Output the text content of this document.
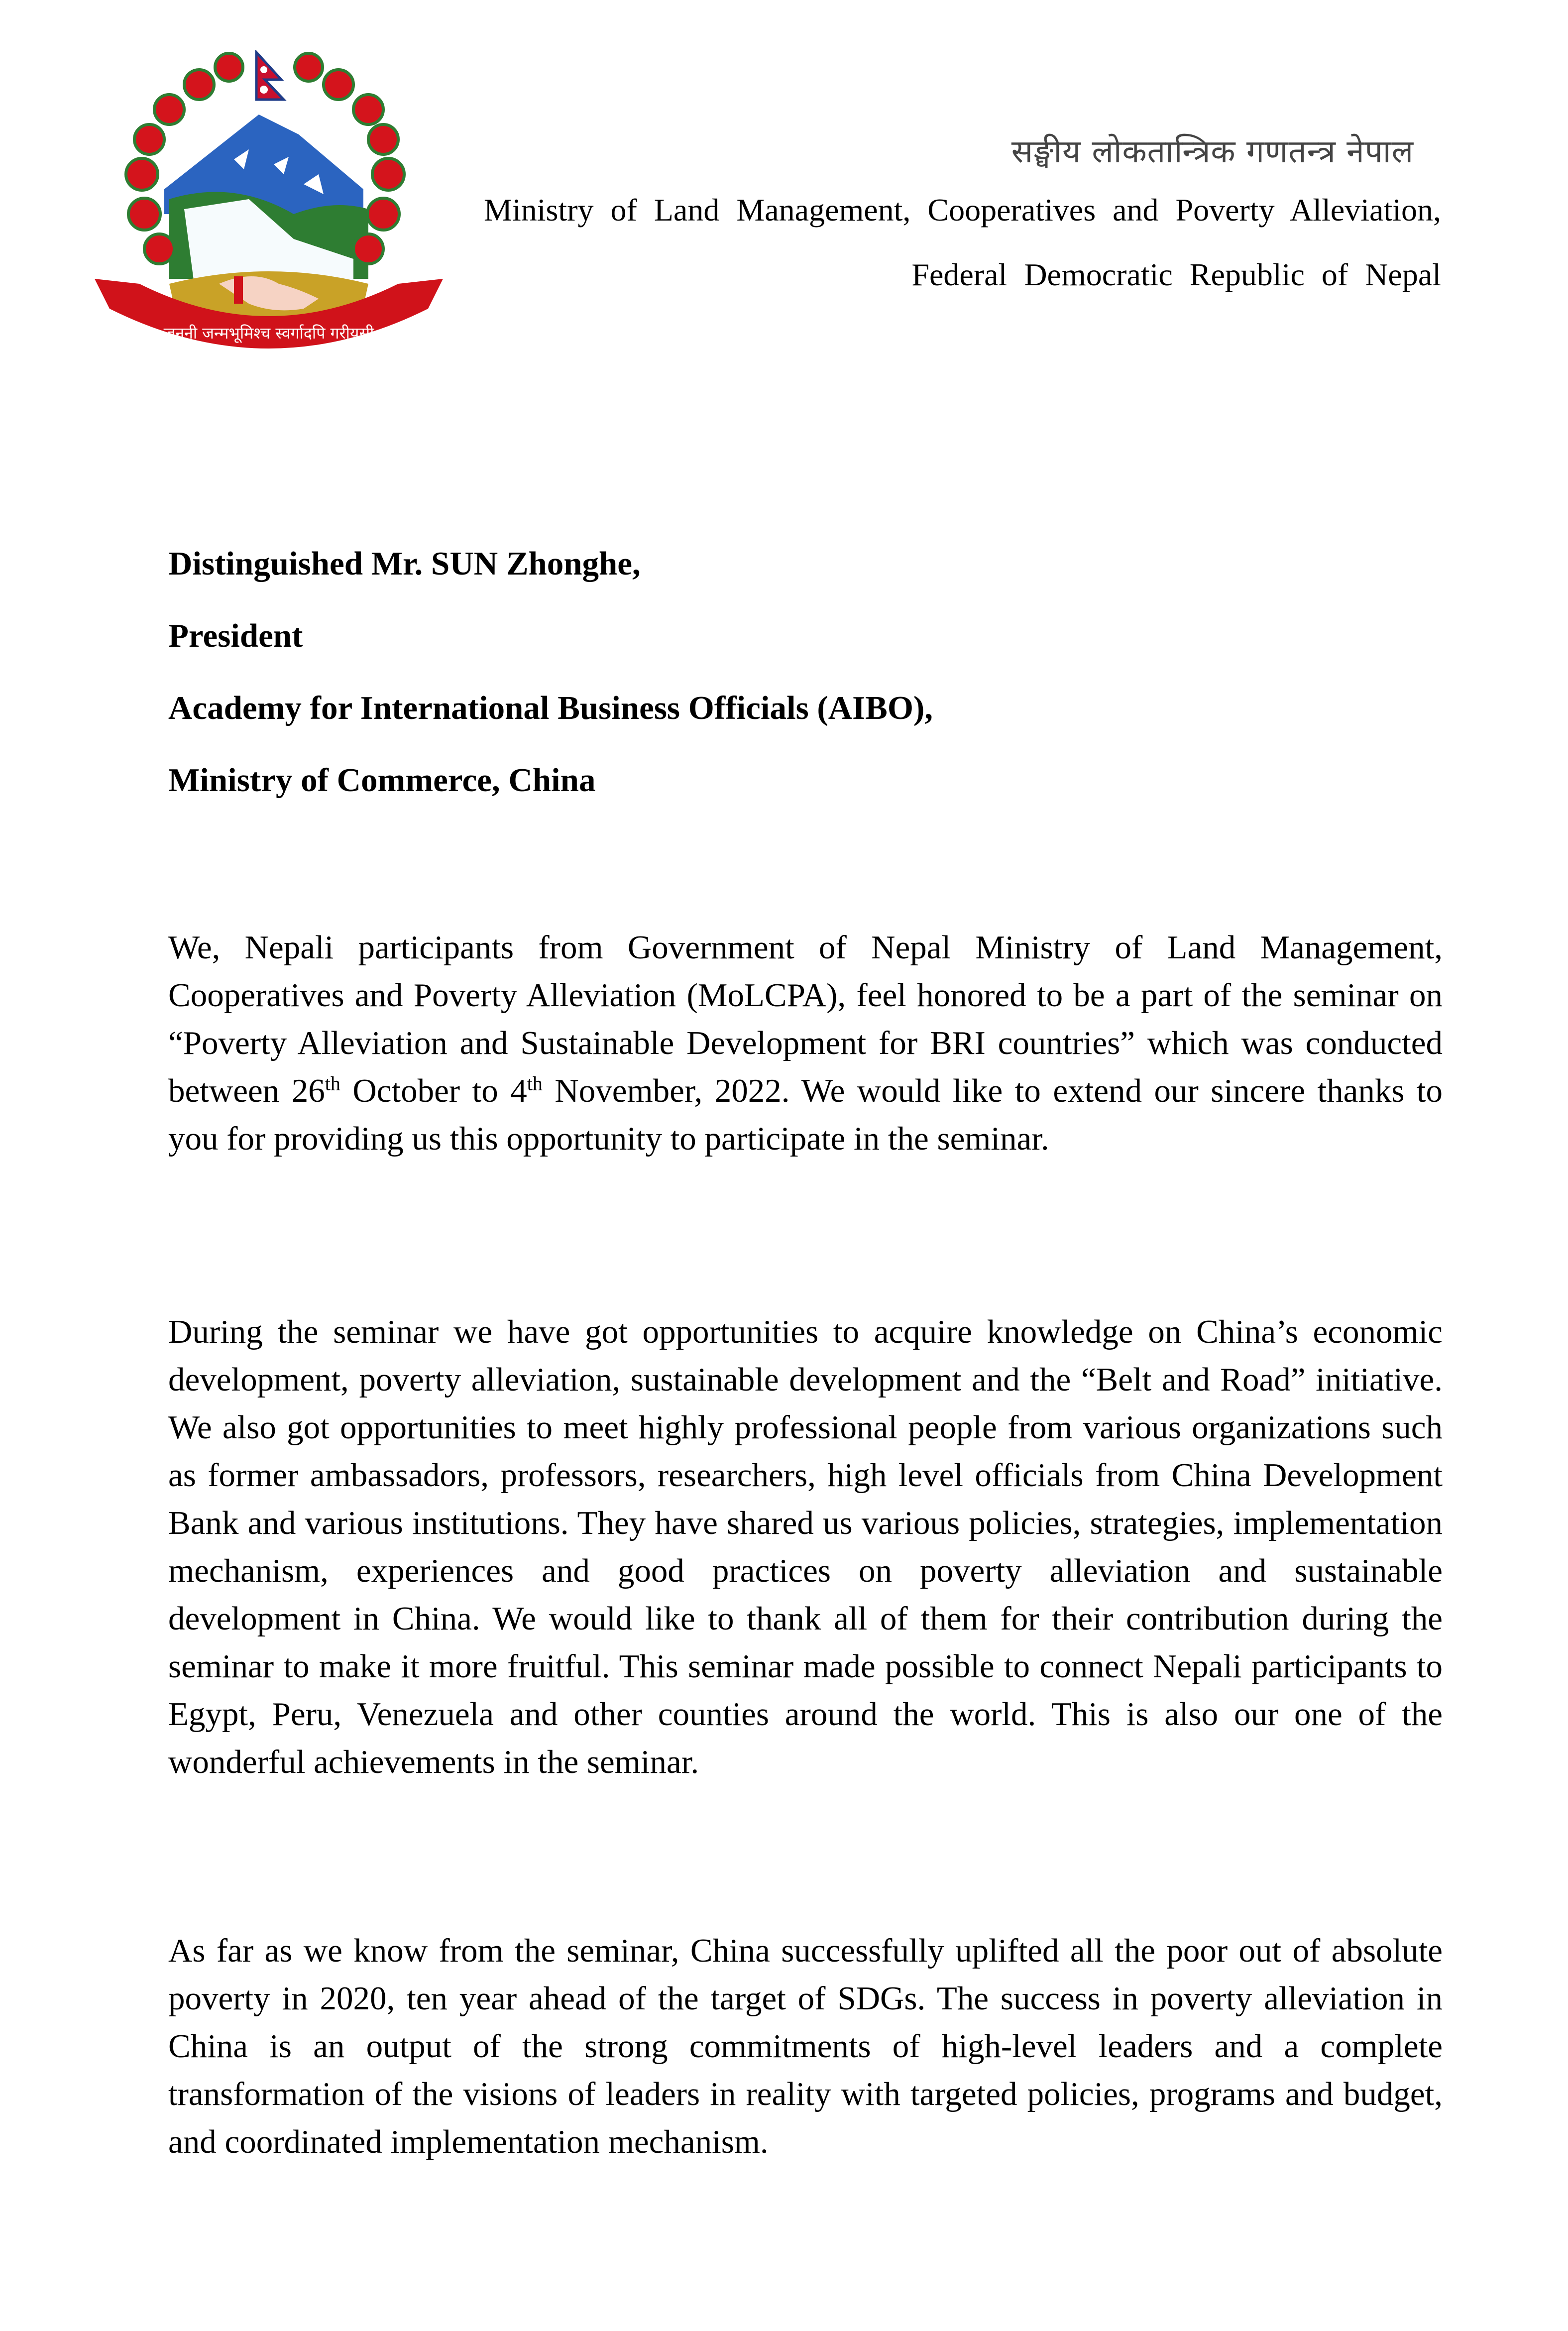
जननी जन्मभूमिश्च स्वर्गादपि गरीयसी
सङ्घीय लोकतान्त्रिक गणतन्त्र नेपाल
Ministry of Land Management, Cooperatives and Poverty Alleviation,
Federal Democratic Republic of Nepal
Distinguished Mr. SUN Zhonghe,
President
Academy for International Business Officials (AIBO),
Ministry of Commerce, China
We, Nepali participants from Government of Nepal Ministry of Land Management, Cooperatives and Poverty Alleviation (MoLCPA), feel honored to be a part of the seminar on “Poverty Alleviation and Sustainable Development for BRI countries” which was conducted between 26th October to 4th November, 2022. We would like to extend our sincere thanks to you for providing us this opportunity to participate in the seminar.
During the seminar we have got opportunities to acquire knowledge on China’s economic development, poverty alleviation, sustainable development and the “Belt and Road” initiative. We also got opportunities to meet highly professional people from various organizations such as former ambassadors, professors, researchers, high level officials from China Development Bank and various institutions. They have shared us various policies, strategies, implementation mechanism, experiences and good practices on poverty alleviation and sustainable development in China. We would like to thank all of them for their contribution during the seminar to make it more fruitful. This seminar made possible to connect Nepali participants to Egypt, Peru, Venezuela and other counties around the world. This is also our one of the wonderful achievements in the seminar.
As far as we know from the seminar, China successfully uplifted all the poor out of absolute poverty in 2020, ten year ahead of the target of SDGs. The success in poverty alleviation in China is an output of the strong commitments of high-level leaders and a complete transformation of the visions of leaders in reality with targeted policies, programs and budget, and coordinated implementation mechanism.
